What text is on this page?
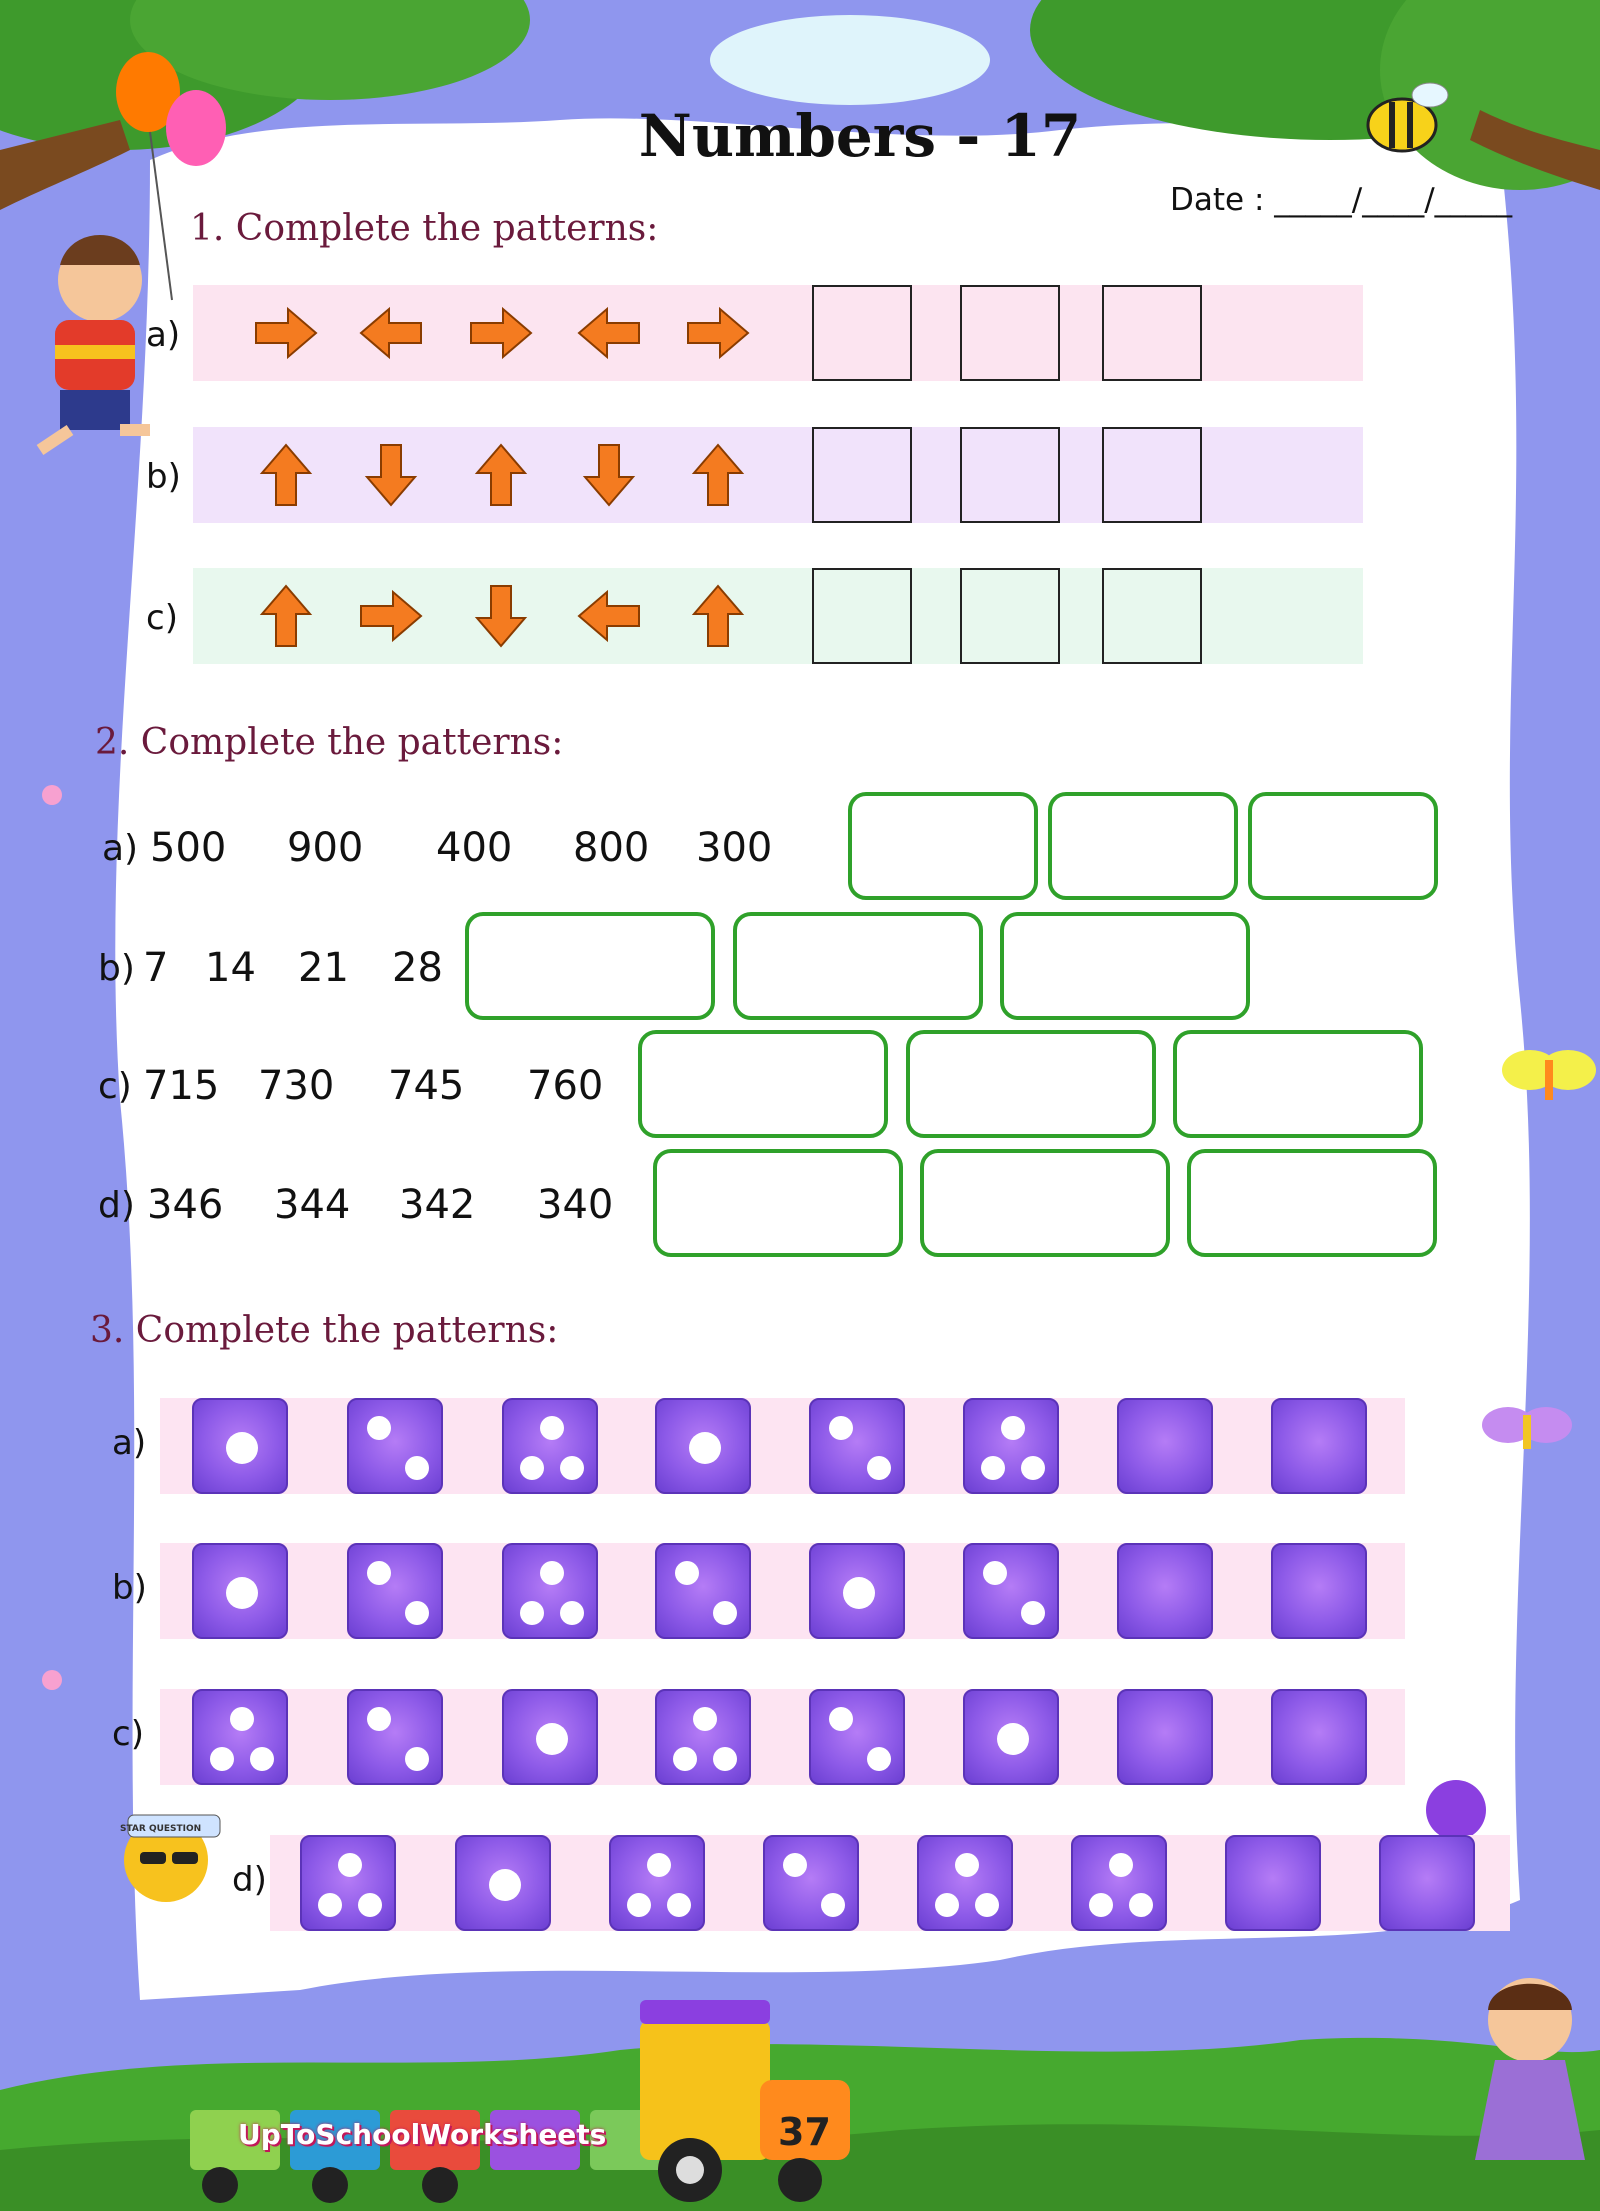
Numbers - 17
Date : _____/____/_____
1. Complete the patterns:
a)
b)
c)
2. Complete the patterns:
a) 500 900 400 800 300
b) 7 14 21 28
c) 715 730 745 760
d) 346 344 342 340
3. Complete the patterns:
a)
b)
c)
d)
STAR QUESTION
UpToSchoolWorksheets	37
